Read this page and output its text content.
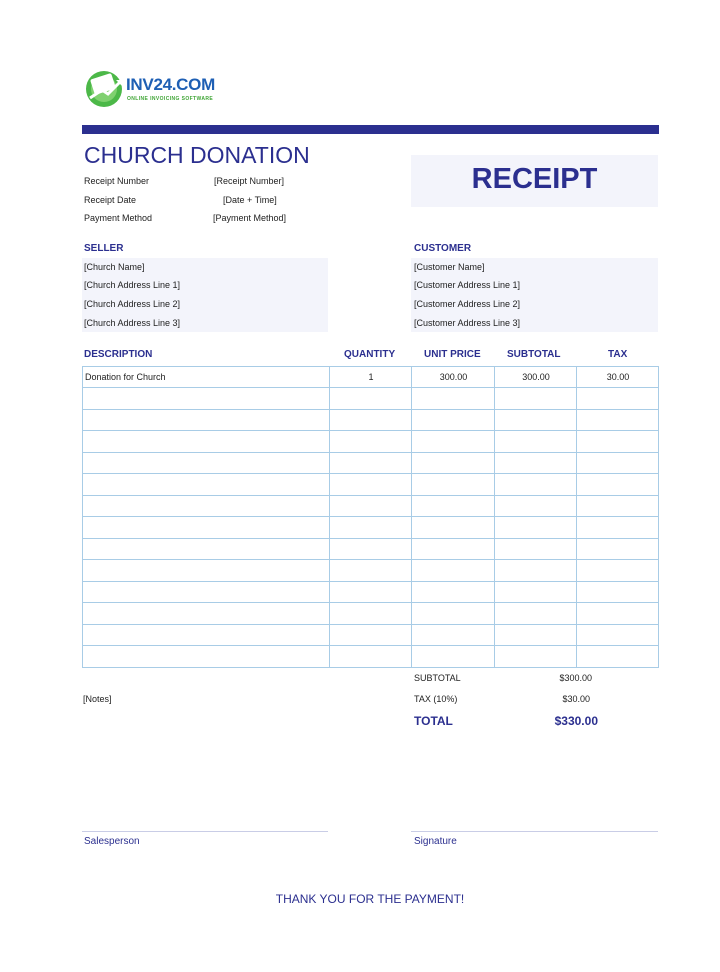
INV24.COM
ONLINE INVOICING SOFTWARE
CHURCH DONATION
Receipt Number	[Receipt Number]
Receipt Date	[Date + Time]
Payment Method	[Payment Method]
RECEIPT
SELLER
[Church Name]
[Church Address Line 1]
[Church Address Line 2]
[Church Address Line 3]
CUSTOMER
[Customer Name]
[Customer Address Line 1]
[Customer Address Line 2]
[Customer Address Line 3]
DESCRIPTION	QUANTITY	UNIT PRICE	SUBTOTAL	TAX
Donation for Church	1	300.00	300.00	30.00
SUBTOTAL	$300.00
TAX (10%)	$30.00
TOTAL	$330.00
[Notes]
Salesperson	Signature
THANK YOU FOR THE PAYMENT!
